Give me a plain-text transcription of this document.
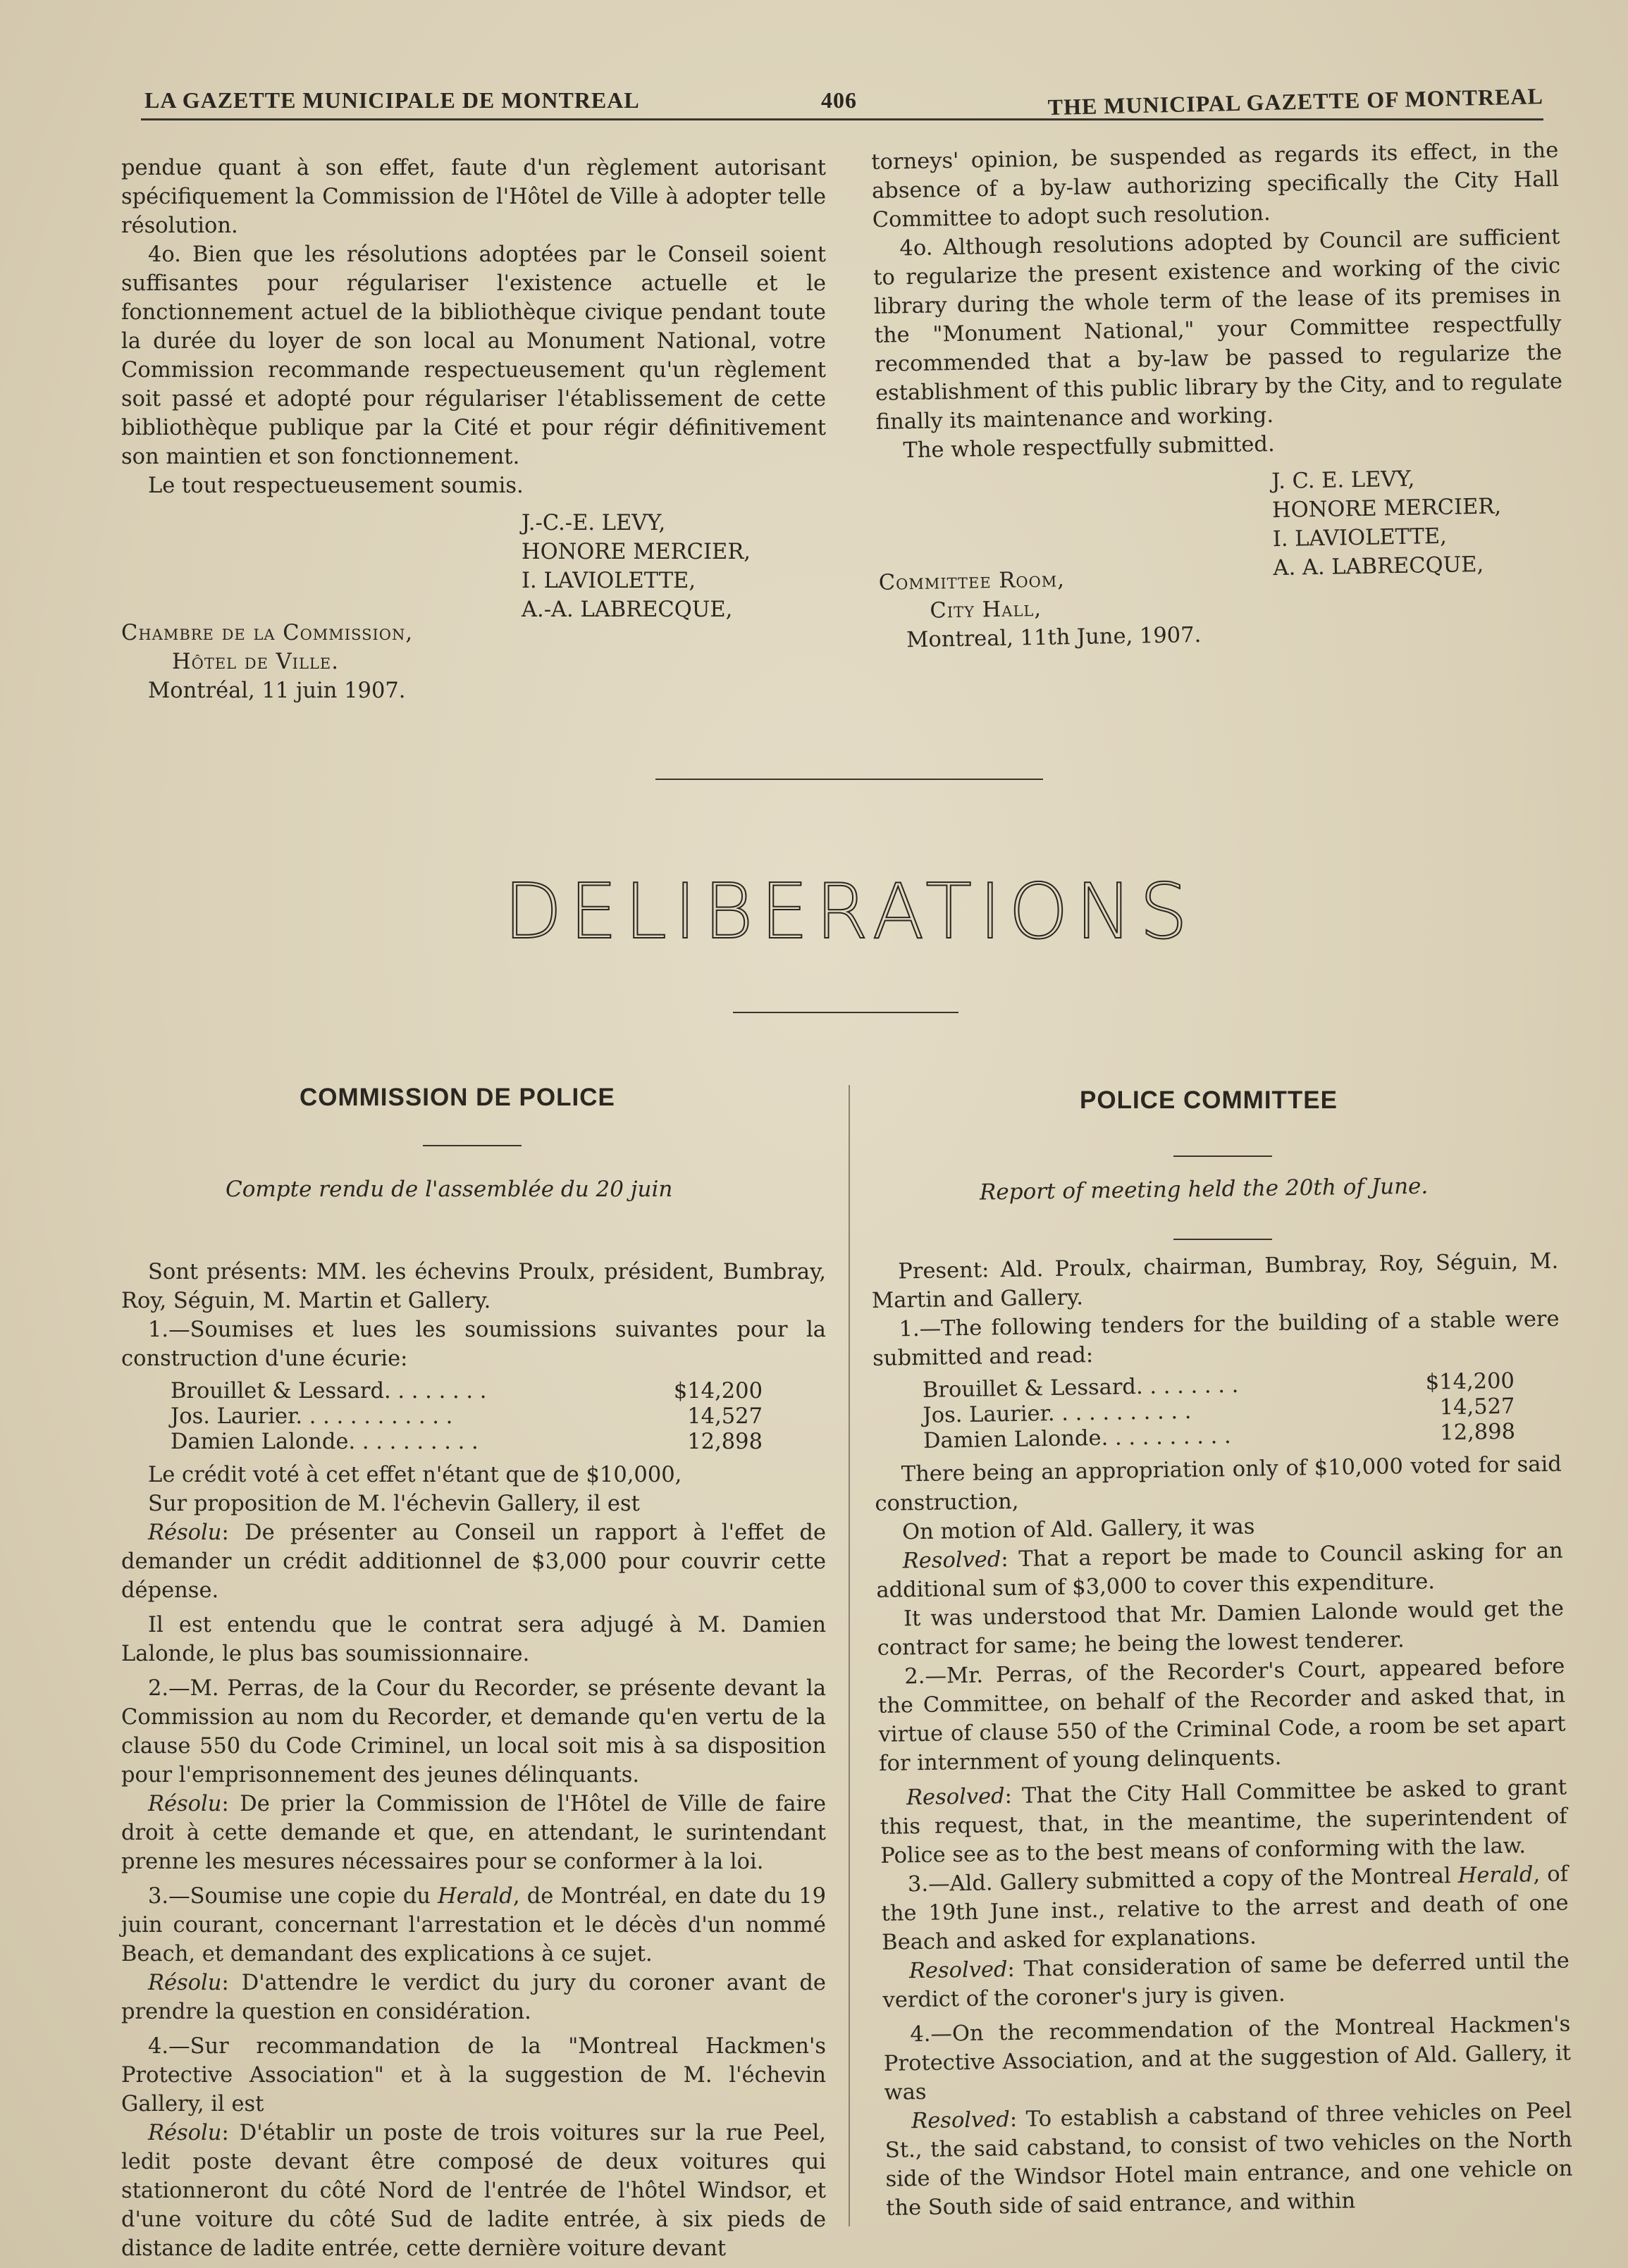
LA GAZETTE MUNICIPALE DE MONTREAL	406	THE MUNICIPAL GAZETTE OF MONTREAL

pendue quant à son effet, faute d'un règlement autorisant spécifiquement la Commission de l'Hôtel de Ville à adopter telle résolution.

4o. Bien que les résolutions adoptées par le Conseil soient suffisantes pour régulariser l'existence actuelle et le fonctionnement actuel de la bibliothèque civique pendant toute la durée du loyer de son local au Monument National, votre Commission recommande respectueusement qu'un règlement soit passé et adopté pour régulariser l'établissement de cette bibliothèque publique par la Cité et pour régir définitivement son maintien et son fonctionnement.

Le tout respectueusement soumis.

J.-C.-E. LEVY,
HONORE MERCIER,
I. LAVIOLETTE,
A.-A. LABRECQUE,
Chambre de la Commission,
Hôtel de Ville.
Montréal, 11 juin 1907.

torneys' opinion, be suspended as regards its effect, in the absence of a by-law authorizing specifically the City Hall Committee to adopt such resolution.

4o. Although resolutions adopted by Council are sufficient to regularize the present existence and working of the civic library during the whole term of the lease of its premises in the "Monument National," your Committee respectfully recommended that a by-law be passed to regularize the establishment of this public library by the City, and to regulate finally its maintenance and working.

The whole respectfully submitted.

J. C. E. LEVY,
HONORE MERCIER,
I. LAVIOLETTE,
A. A. LABRECQUE,
Committee Room,
City Hall,
Montreal, 11th June, 1907.
DELIBERATIONS
COMMISSION DE POLICE
Compte rendu de l'assemblée du 20 juin
POLICE COMMITTEE
Report of meeting held the 20th of June.

Sont présents: MM. les échevins Proulx, président, Bumbray, Roy, Séguin, M. Martin et Gallery.

1.—Soumises et lues les soumissions suivantes pour la construction d'une écurie:

Brouillet & Lessard. . . . . . . .	$14,200
Jos. Laurier. . . . . . . . . . . .	14,527
Damien Lalonde. . . . . . . . . .	12,898

Le crédit voté à cet effet n'étant que de $10,000,

Sur proposition de M. l'échevin Gallery, il est

Résolu: De présenter au Conseil un rapport à l'effet de demander un crédit additionnel de $3,000 pour couvrir cette dépense.

Il est entendu que le contrat sera adjugé à M. Damien Lalonde, le plus bas soumissionnaire.

2.—M. Perras, de la Cour du Recorder, se présente devant la Commission au nom du Recorder, et demande qu'en vertu de la clause 550 du Code Criminel, un local soit mis à sa disposition pour l'emprisonnement des jeunes délinquants.

Résolu: De prier la Commission de l'Hôtel de Ville de faire droit à cette demande et que, en attendant, le surintendant prenne les mesures nécessaires pour se conformer à la loi.

3.—Soumise une copie du Herald, de Montréal, en date du 19 juin courant, concernant l'arrestation et le décès d'un nommé Beach, et demandant des explications à ce sujet.

Résolu: D'attendre le verdict du jury du coroner avant de prendre la question en considération.

4.—Sur recommandation de la "Montreal Hackmen's Protective Association" et à la suggestion de M. l'échevin Gallery, il est

Résolu: D'établir un poste de trois voitures sur la rue Peel, ledit poste devant être composé de deux voitures qui stationneront du côté Nord de l'entrée de l'hôtel Windsor, et d'une voiture du côté Sud de ladite entrée, à six pieds de distance de ladite entrée, cette dernière voiture devant

Present: Ald. Proulx, chairman, Bumbray, Roy, Séguin, M. Martin and Gallery.

1.—The following tenders for the building of a stable were submitted and read:

Brouillet & Lessard. . . . . . . .	$14,200
Jos. Laurier. . . . . . . . . . .	14,527
Damien Lalonde. . . . . . . . . .	12,898

There being an appropriation only of $10,000 voted for said construction,

On motion of Ald. Gallery, it was

Resolved: That a report be made to Council asking for an additional sum of $3,000 to cover this expenditure.

It was understood that Mr. Damien Lalonde would get the contract for same; he being the lowest tenderer.

2.—Mr. Perras, of the Recorder's Court, appeared before the Committee, on behalf of the Recorder and asked that, in virtue of clause 550 of the Criminal Code, a room be set apart for internment of young delinquents.

Resolved: That the City Hall Committee be asked to grant this request, that, in the meantime, the superintendent of Police see as to the best means of conforming with the law.

3.—Ald. Gallery submitted a copy of the Montreal Herald, of the 19th June inst., relative to the arrest and death of one Beach and asked for explanations.

Resolved: That consideration of same be deferred until the verdict of the coroner's jury is given.

4.—On the recommendation of the Montreal Hackmen's Protective Association, and at the suggestion of Ald. Gallery, it was

Resolved: To establish a cabstand of three vehicles on Peel St., the said cabstand, to consist of two vehicles on the North side of the Windsor Hotel main entrance, and one vehicle on the South side of said entrance, and within
